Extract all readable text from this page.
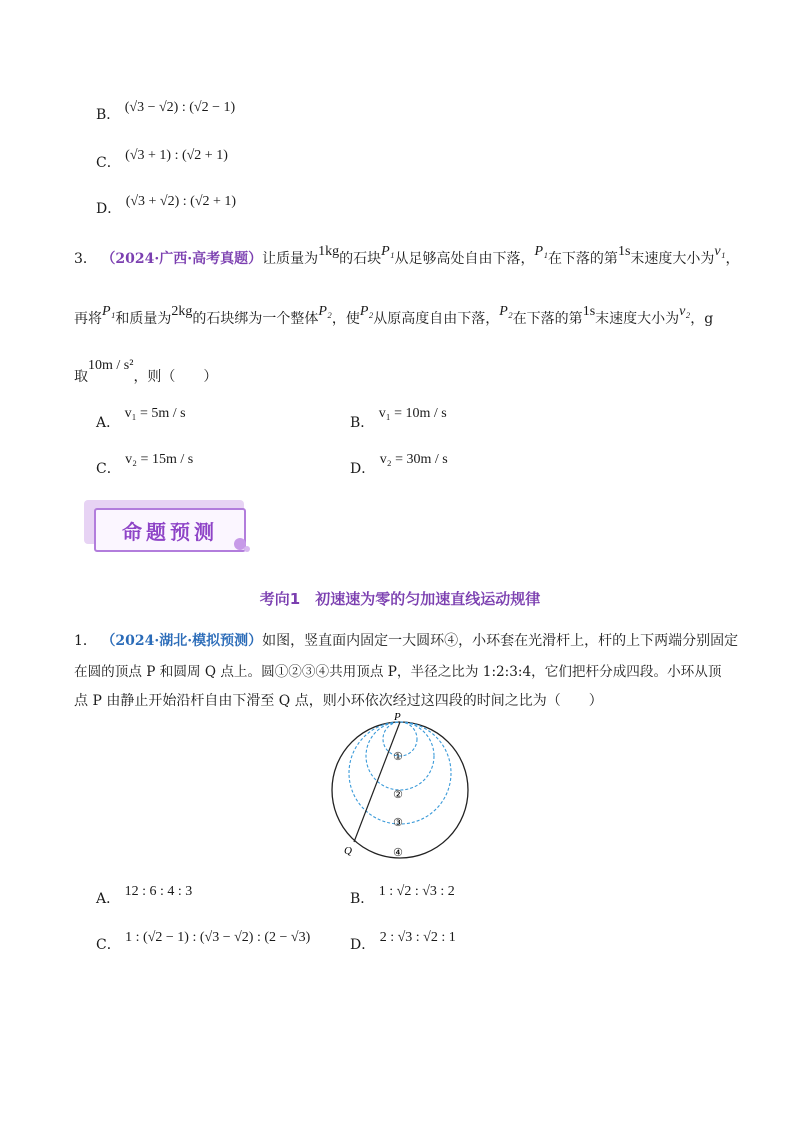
B． (√3 − √2) : (√2 − 1)
C． (√3 + 1) : (√2 + 1)
D． (√3 + √2) : (√2 + 1)
3． （2024·广西·高考真题）让质量为1kg的石块P₁从足够高处自由下落，P₁在下落的第1s末速度大小为v₁，
再将P₁和质量为2kg的石块绑为一个整体P₂，使P₂从原高度自由下落，P₂在下落的第1s末速度大小为v₂，g
取10m / s²，则（　　）
A． v₁ = 5m / s
B． v₁ = 10m / s
C． v₂ = 15m / s
D． v₂ = 30m / s
命题预测
考向1　初速速为零的匀加速直线运动规律
1． （2024·湖北·模拟预测）如图，竖直面内固定一大圆环④，小环套在光滑杆上，杆的上下两端分别固定
在圆的顶点 P 和圆周 Q 点上。圆①②③④共用顶点 P，半径之比为 1:2:3:4，它们把杆分成四段。小环从顶
点 P 由静止开始沿杆自由下滑至 Q 点，则小环依次经过这四段的时间之比为（　　）
P
Q
①
②
③
④
A． 12 : 6 : 4 : 3	B． 1 : √2 : √3 : 2
C． 1 : (√2 − 1) : (√3 − √2) : (2 − √3)	D． 2 : √3 : √2 : 1
